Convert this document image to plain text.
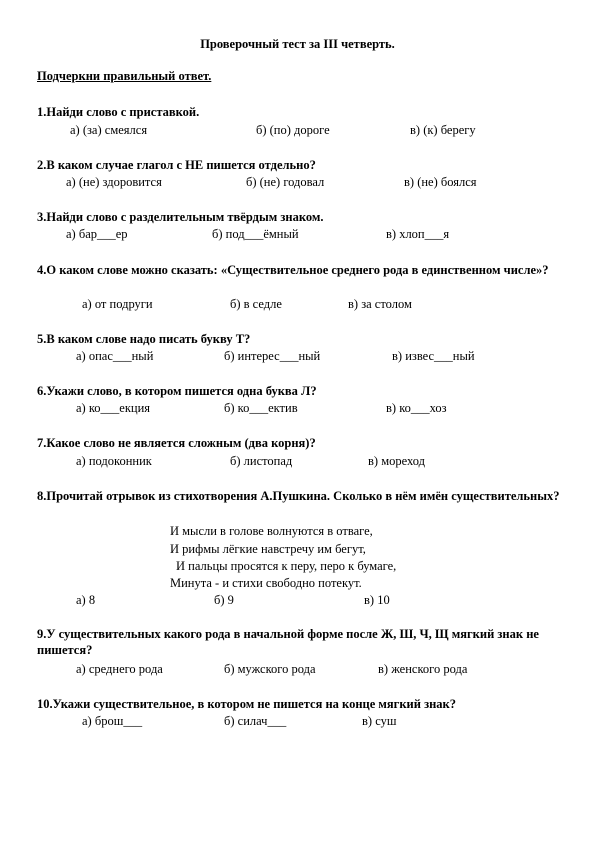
Проверочный тест за III четверть.
Подчеркни правильный ответ.
1.Найди слово с приставкой.
а) (за) смеялся	б) (по) дороге	в) (к) берегу
2.В каком случае глагол с НЕ пишется отдельно?
а) (не) здоровится	б) (не) годовал	в) (не) боялся
3.Найди слово с разделительным твёрдым знаком.
а) бар___ер	б) под___ёмный	в) хлоп___я
4.О каком слове можно сказать: «Существительное среднего рода в единственном числе»?
а) от подруги	б) в седле	в) за столом
5.В каком слове надо писать букву Т?
а) опас___ный	б) интерес___ный	в) извес___ный
6.Укажи слово, в котором пишется одна буква Л?
а) ко___екция	б) ко___ектив	в) ко___хоз
7.Какое слово не является сложным (два корня)?
а) подоконник	б) листопад	в) мореход
8.Прочитай отрывок из стихотворения А.Пушкина. Сколько в нём имён существительных?
И мысли в голове волнуются в отваге,
И рифмы лёгкие навстречу им бегут,
И пальцы просятся к перу, перо к бумаге,
Минута - и стихи свободно потекут.
а) 8	б) 9	в) 10
9.У существительных какого рода в начальной форме после Ж, Ш, Ч, Щ мягкий знак не пишется?
а) среднего рода	б) мужского рода	в) женского рода
10.Укажи существительное, в котором не пишется на конце мягкий знак?
а) брош___	б) силач___	в) суш
